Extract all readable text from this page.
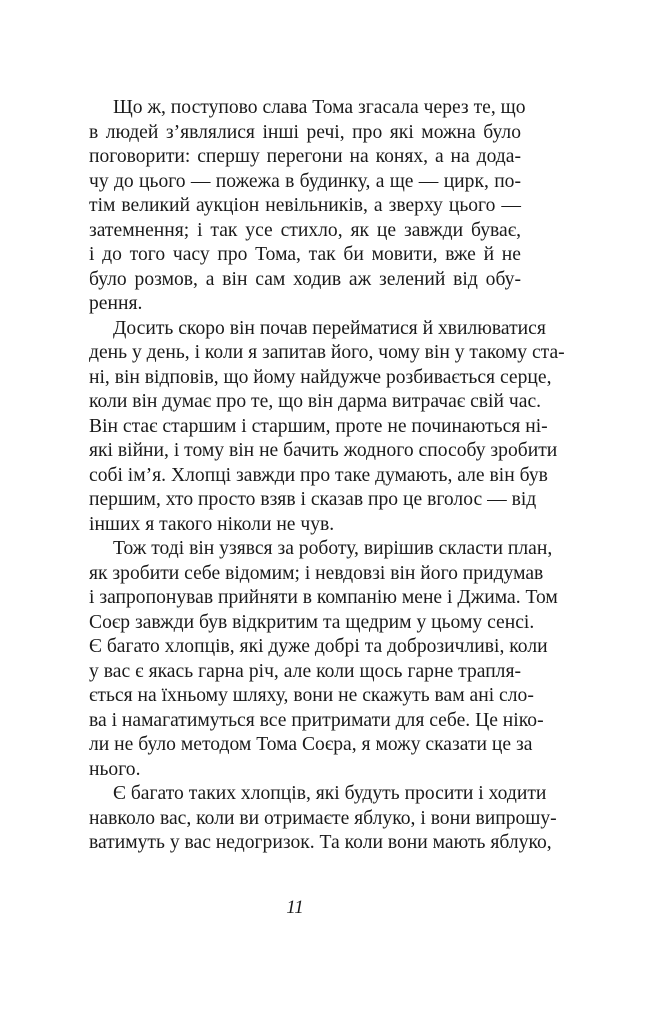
Що ж, поступово слава Тома згасала через те, що
в людей з’являлися інші речі, про які можна було
поговорити: спершу перегони на конях, а на дода-
чу до цього — пожежа в будинку, а ще — цирк, по-
тім великий аукціон невільників, а зверху цього —
затемнення; і так усе стихло, як це завжди буває,
і до того часу про Тома, так би мовити, вже й не
було розмов, а він сам ходив аж зелений від обу-
рення.
Досить скоро він почав перейматися й хвилюватися
день у день, і коли я запитав його, чому він у такому ста-
ні, він відповів, що йому найдужче розбивається серце,
коли він думає про те, що він дарма витрачає свій час.
Він стає старшим і старшим, проте не починаються ні-
які війни, і тому він не бачить жодного способу зробити
собі ім’я. Хлопці завжди про таке думають, але він був
першим, хто просто взяв і сказав про це вголос — від
інших я такого ніколи не чув.
Тож тоді він узявся за роботу, вирішив скласти план,
як зробити себе відомим; і невдовзі він його придумав
і запропонував прийняти в компанію мене і Джима. Том
Соєр завжди був відкритим та щедрим у цьому сенсі.
Є багато хлопців, які дуже добрі та доброзичливі, коли
у вас є якась гарна річ, але коли щось гарне трапля-
ється на їхньому шляху, вони не скажуть вам ані сло-
ва і намагатимуться все притримати для себе. Це ніко-
ли не було методом Тома Соєра, я можу сказати це за
нього.
Є багато таких хлопців, які будуть просити і ходити
навколо вас, коли ви отримаєте яблуко, і вони випрошу-
ватимуть у вас недогризок. Та коли вони мають яблуко,
11
